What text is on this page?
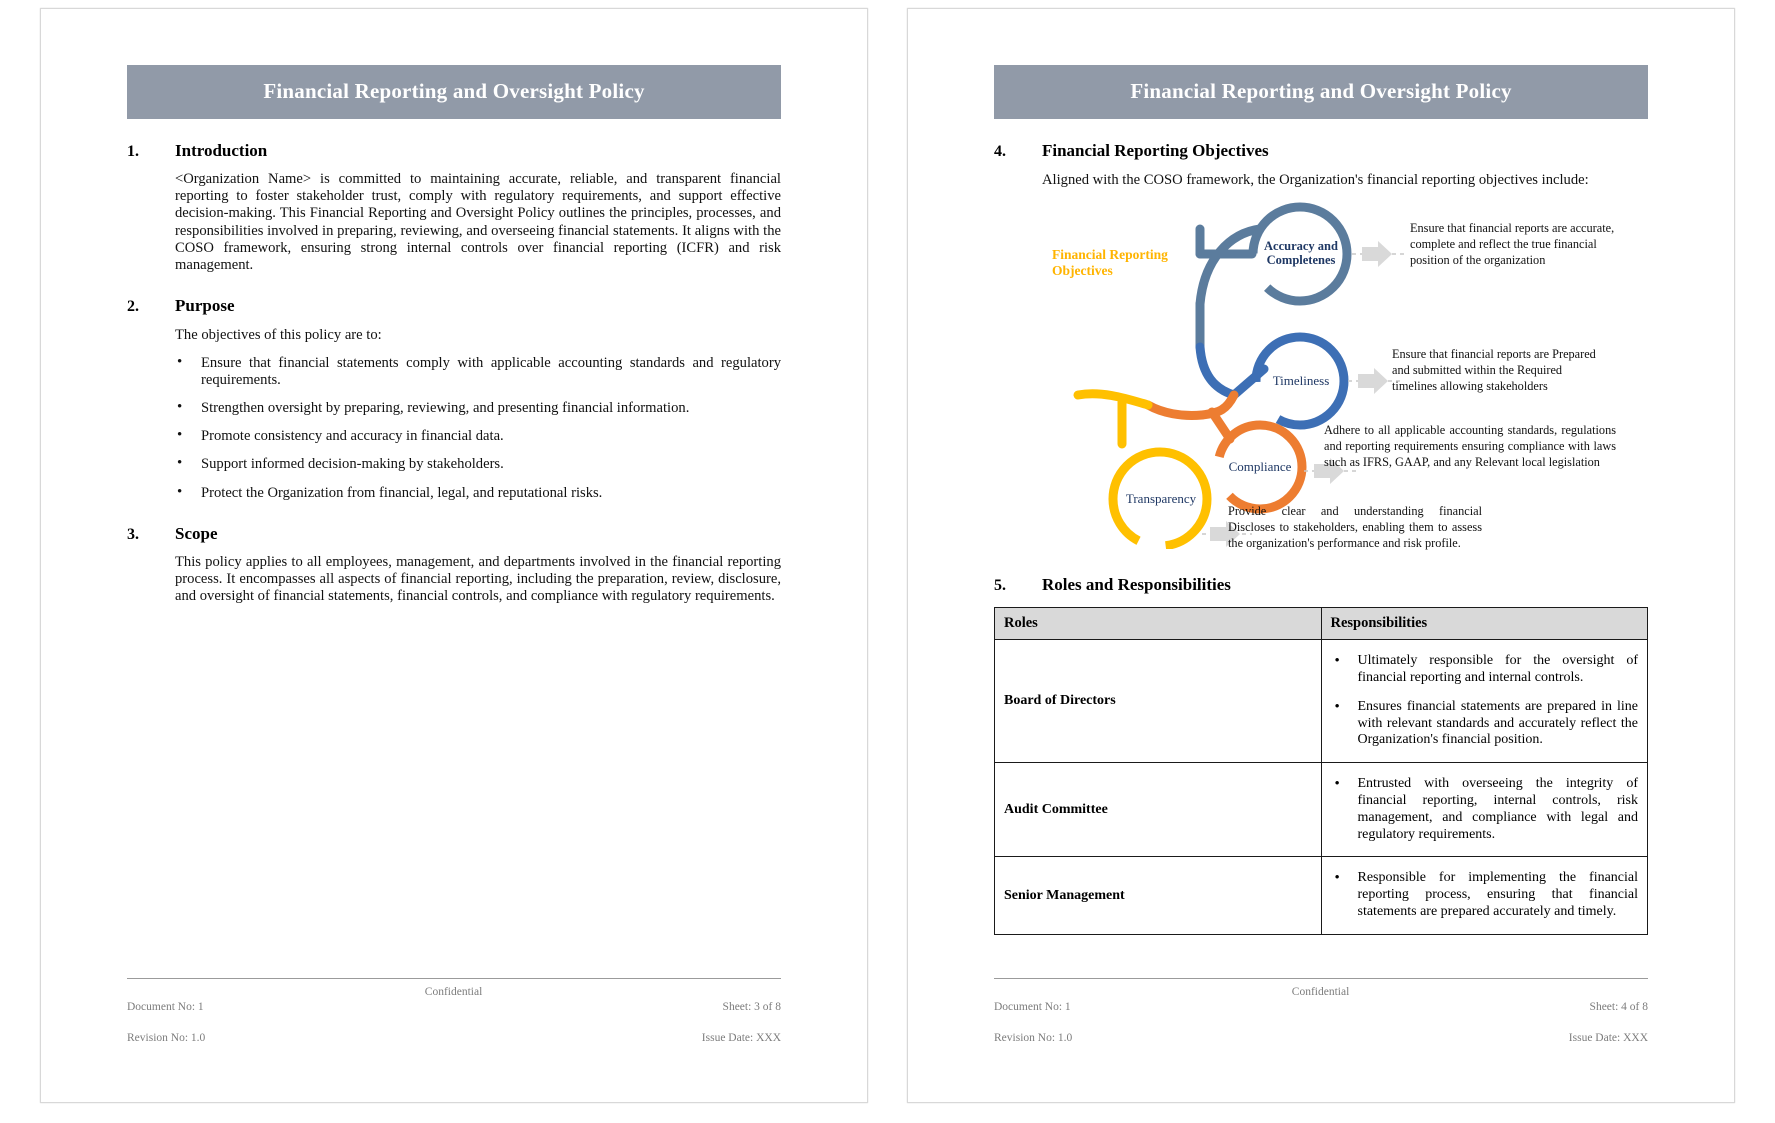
Financial Reporting and Oversight Policy
1.	Introduction

<Organization Name> is committed to maintaining accurate, reliable, and transparent financial reporting to foster stakeholder trust, comply with regulatory requirements, and support effective decision-making. This Financial Reporting and Oversight Policy outlines the principles, processes, and responsibilities involved in preparing, reviewing, and overseeing financial statements. It aligns with the COSO framework, ensuring strong internal controls over financial reporting (ICFR) and risk management.

2.	Purpose

The objectives of this policy are to:

• Ensure that financial statements comply with applicable accounting standards and regulatory requirements.
• Strengthen oversight by preparing, reviewing, and presenting financial information.
• Promote consistency and accuracy in financial data.
• Support informed decision-making by stakeholders.
• Protect the Organization from financial, legal, and reputational risks.
3.	Scope

This policy applies to all employees, management, and departments involved in the financial reporting process. It encompasses all aspects of financial reporting, including the preparation, review, disclosure, and oversight of financial statements, financial controls, and compliance with regulatory requirements.

Document No: 1

Revision No: 1.0

Confidential

Sheet: 3 of 8

Issue Date: XXX

Financial Reporting and Oversight Policy
4.	Financial Reporting Objectives

Aligned with the COSO framework, the Organization's financial reporting objectives include:

Financial Reporting Objectives
Accuracy and Completenes
Timeliness
Compliance
Transparency
Ensure that financial reports are accurate, complete and reflect the true financial position of the organization
Ensure that financial reports are Prepared and submitted within the Required timelines allowing stakeholders
Adhere to all applicable accounting standards, regulations and reporting requirements ensuring compliance with laws such as IFRS, GAAP, and any Relevant local legislation
Provide clear and understanding financial Discloses to stakeholders, enabling them to assess the organization's performance and risk profile.
5.	Roles and Responsibilities
Roles	Responsibilities
Board of Directors	
• Ultimately responsible for the oversight of financial reporting and internal controls.
• Ensures financial statements are prepared in line with relevant standards and accurately reflect the Organization's financial position.

Audit Committee	
• Entrusted with overseeing the integrity of financial reporting, internal controls, risk management, and compliance with legal and regulatory requirements.

Senior Management	
• Responsible for implementing the financial reporting process, ensuring that financial statements are prepared accurately and timely.

Document No: 1

Revision No: 1.0

Confidential

Sheet: 4 of 8

Issue Date: XXX
